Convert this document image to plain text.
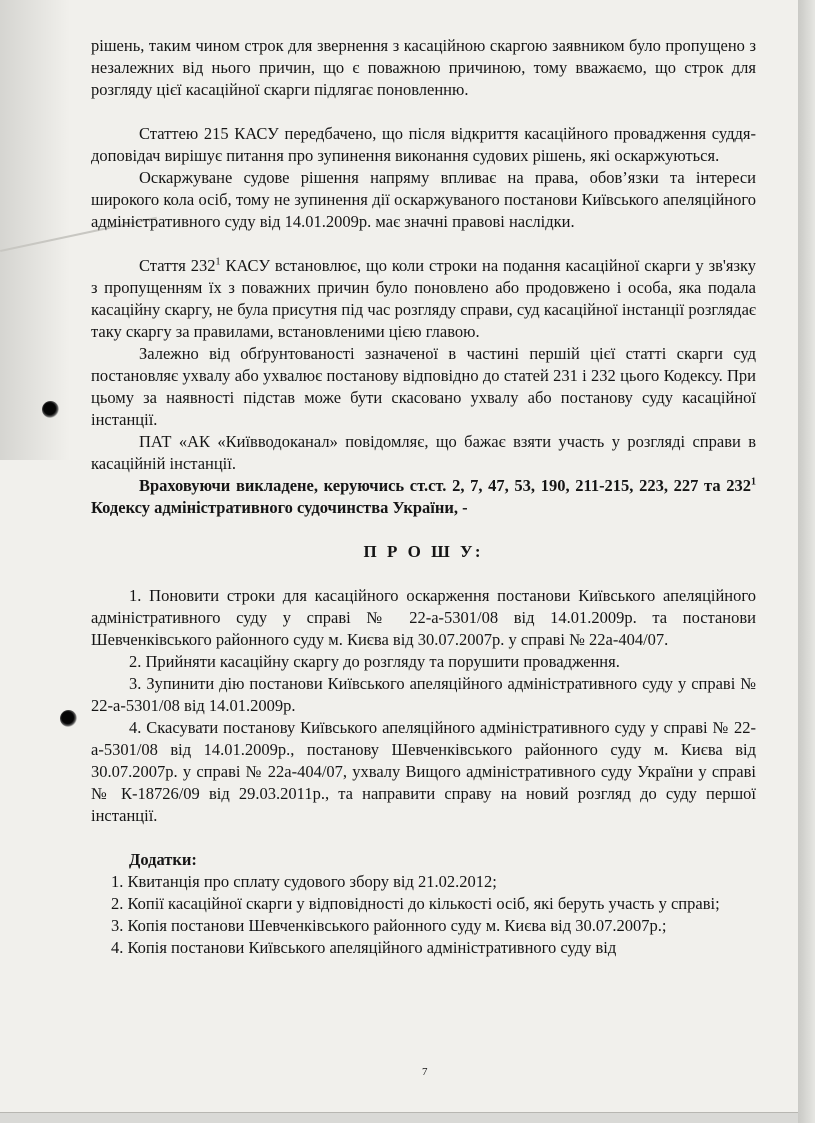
рішень, таким чином строк для звернення з касаційною скаргою заявником було пропущено з незалежних від нього причин, що є поважною причиною, тому вважаємо, що строк для розгляду цієї касаційної скарги підлягає поновленню.

Статтею 215 КАСУ передбачено, що після відкриття касаційного провадження суддя-доповідач вирішує питання про зупинення виконання судових рішень, які оскаржуються.

Оскаржуване судове рішення напряму впливає на права, обов’язки та інтереси широкого кола осіб, тому не зупинення дії оскаржуваного постанови Київського апеляційного адміністративного суду від 14.01.2009р. має значні правові наслідки.

Стаття $232^1$ КАСУ встановлює, що коли строки на подання касаційної скарги у зв'язку з пропущенням їх з поважних причин було поновлено або продовжено і особа, яка подала касаційну скаргу, не була присутня під час розгляду справи, суд касаційної інстанції розглядає таку скаргу за правилами, встановленими цією главою.

Залежно від обґрунтованості зазначеної в частині першій цієї статті скарги суд постановляє ухвалу або ухвалює постанову відповідно до статей 231 і 232 цього Кодексу. При цьому за наявності підстав може бути скасовано ухвалу або постанову суду касаційної інстанції.

ПАТ «АК «Київводоканал» повідомляє, що бажає взяти участь у розгляді справи в касаційній інстанції.

Враховуючи викладене, керуючись ст.ст. 2, 7, 47, 53, 190, 211-215, 223, 227 та $232^1$ Кодексу адміністративного судочинства України, -

П Р О Ш У:

1. Поновити строки для касаційного оскарження постанови Київського апеляційного адміністративного суду у справі № 22-а-5301/08 від 14.01.2009р. та постанови Шевченківського районного суду м. Києва від 30.07.2007р. у справі № 22а-404/07.

2. Прийняти касаційну скаргу до розгляду та порушити провадження.

3. Зупинити дію постанови Київського апеляційного адміністративного суду у справі № 22-а-5301/08 від 14.01.2009р.

4. Скасувати постанову Київського апеляційного адміністративного суду у справі № 22-а-5301/08 від 14.01.2009р., постанову Шевченківського районного суду м. Києва від 30.07.2007р. у справі № 22а-404/07, ухвалу Вищого адміністративного суду України у справі № К-18726/09 від 29.03.2011р., та направити справу на новий розгляд до суду першої інстанції.

Додатки:

1. Квитанція про сплату судового збору від 21.02.2012;

2. Копії касаційної скарги у відповідності до кількості осіб, які беруть участь у справі;

3. Копія постанови Шевченківського районного суду м. Києва від 30.07.2007р.;

4. Копія постанови Київського апеляційного адміністративного суду від

7
